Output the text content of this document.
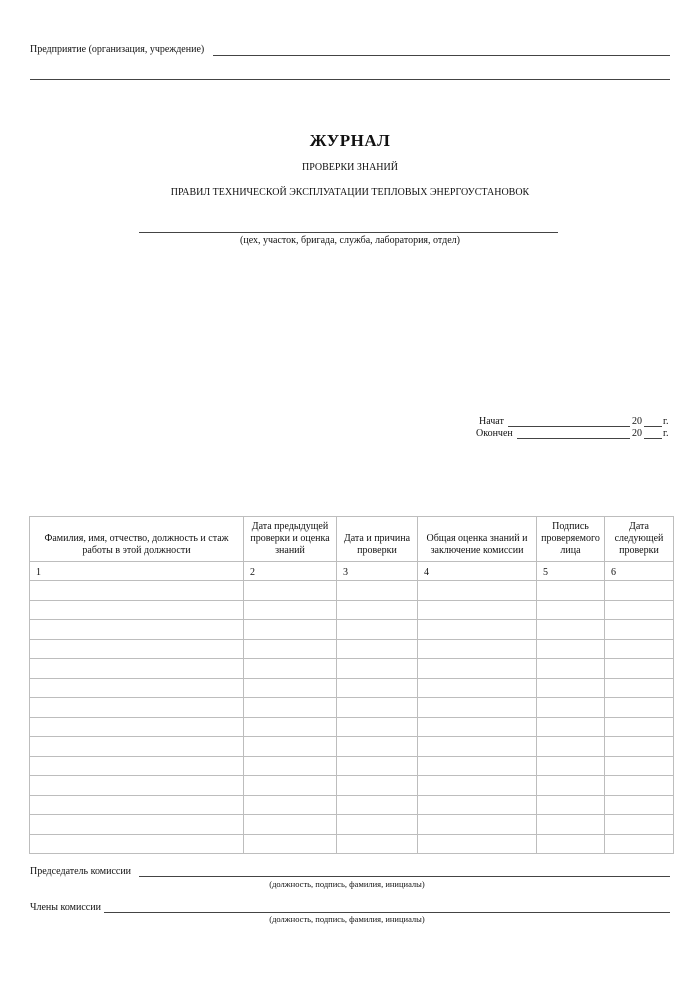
Предприятие (организация, учреждение)
ЖУРНАЛ
ПРОВЕРКИ ЗНАНИЙ
ПРАВИЛ ТЕХНИЧЕСКОЙ ЭКСПЛУАТАЦИИ ТЕПЛОВЫХ ЭНЕРГОУСТАНОВОК
(цех, участок, бригада, служба, лаборатория, отдел)
Начат	20 г.
Окончен	20 г.
Фамилия, имя, отчество, должность и стаж работы в этой должности	Дата предыдущей проверки и оценка знаний	Дата и причина проверки	Общая оценка знаний и заключение комиссии	Подпись проверяемого лица	Дата следующей проверки
1	2	3	4	5	6

Председатель комиссии
(должность, подпись, фамилия, инициалы)
Члены комиссии
(должность, подпись, фамилия, инициалы)
